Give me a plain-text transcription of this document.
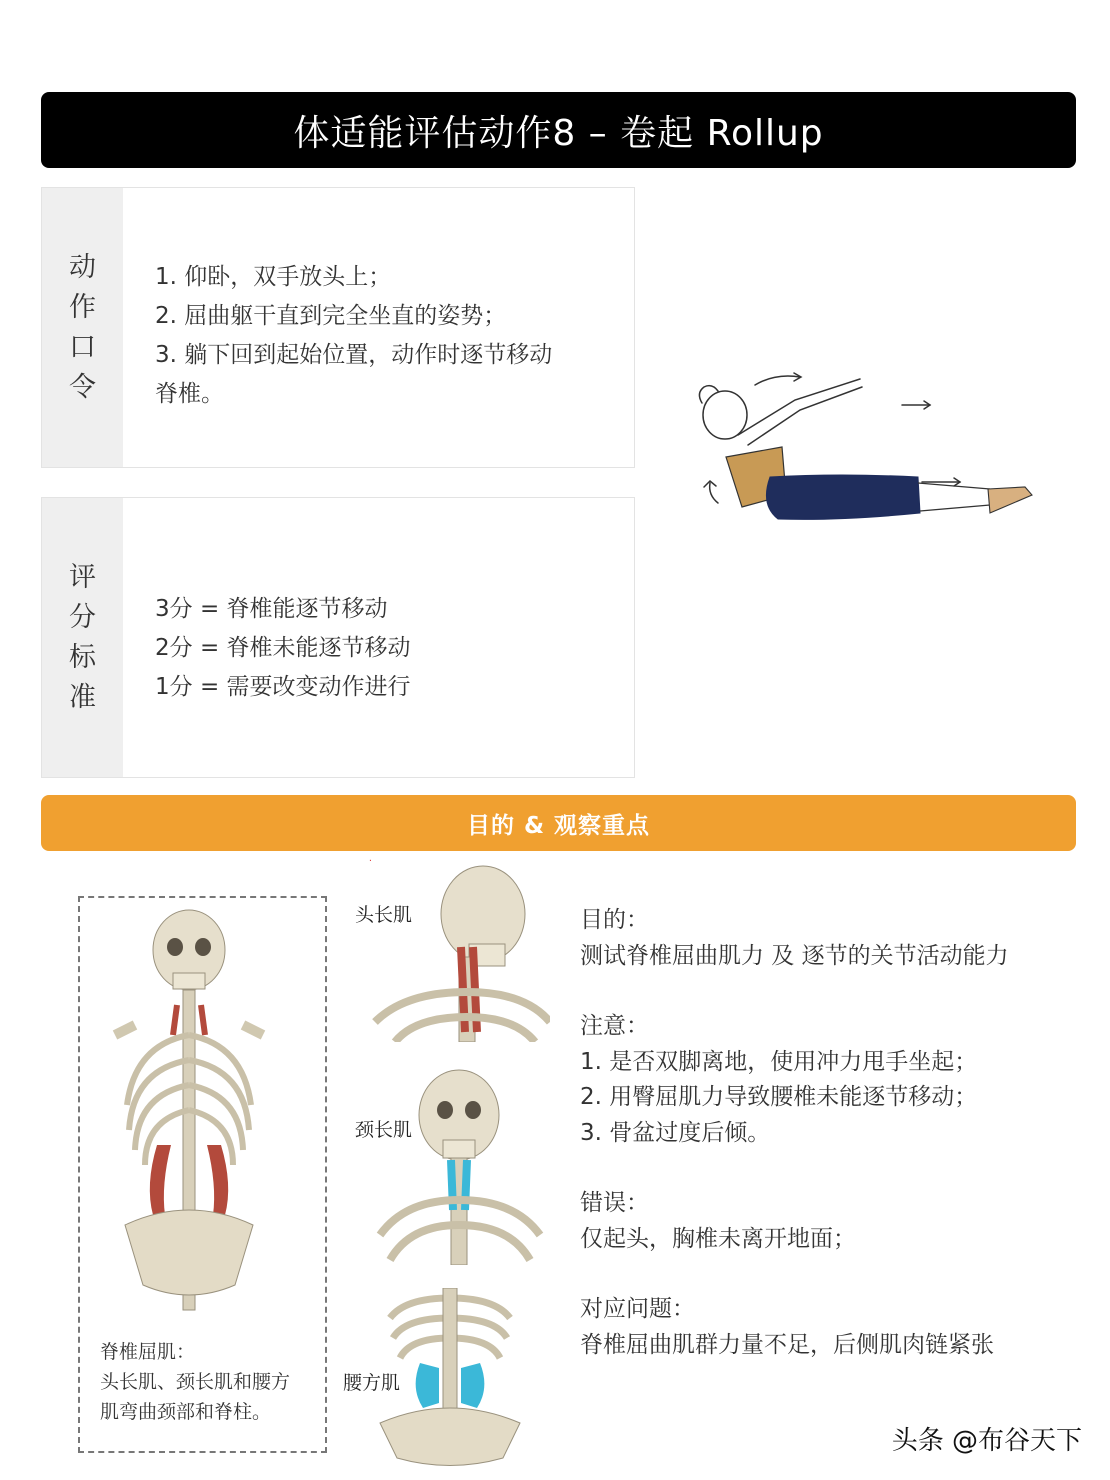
体适能评估动作8 – 卷起 Rollup
动
作
口
令
1. 仰卧，双手放头上；
2. 屈曲躯干直到完全坐直的姿势；
3. 躺下回到起始位置，动作时逐节移动
脊椎。
评
分
标
准
3分 = 脊椎能逐节移动
2分 = 脊椎未能逐节移动
1分 = 需要改变动作进行
目的 & 观察重点
脊椎屈肌：
头长肌、颈长肌和腰方
肌弯曲颈部和脊柱。
·
头长肌
颈长肌
腰方肌
目的：
测试脊椎屈曲肌力 及 逐节的关节活动能力
注意：
1. 是否双脚离地，使用冲力甩手坐起；
2. 用臀屈肌力导致腰椎未能逐节移动；
3. 骨盆过度后倾。
错误：
仅起头，胸椎未离开地面；
对应问题：
脊椎屈曲肌群力量不足，后侧肌肉链紧张
头条 @布谷天下
